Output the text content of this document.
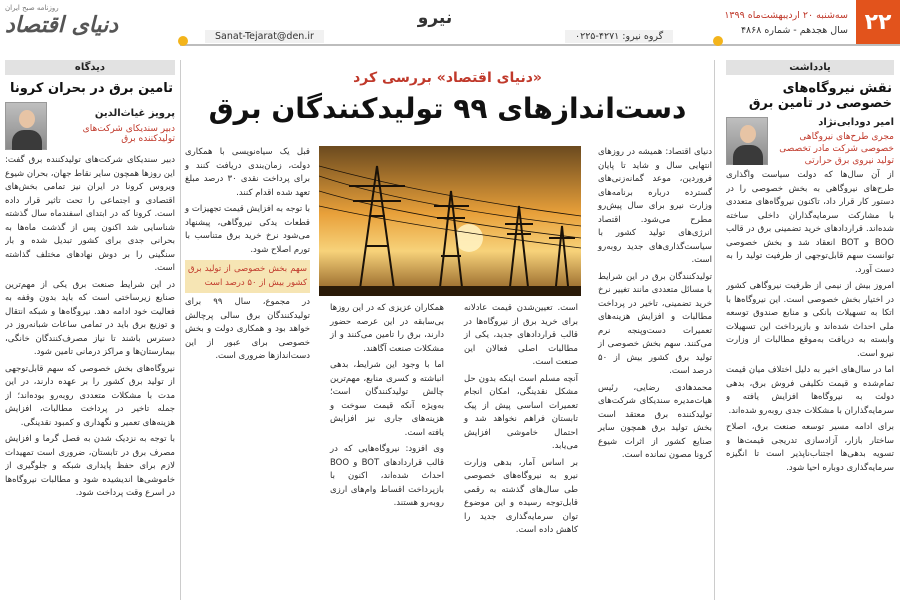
۲۲
سه‌شنبه ۲۰ اردیبهشت‌ماه ۱۳۹۹
سال هجدهم - شماره ۴۸۶۸
نیرو
گروه نیرو: ۴۲۷۱-۰۲۲۵
Sanat-Tejarat@den.ir
روزنامه صبح ایران
دنیای اقتصاد
یادداشت
نقش نیروگاه‌های خصوصی در تامین برق
امیر دودابی‌نژاد
مجری طرح‌های نیروگاهی خصوصی شرکت مادر تخصصی تولید نیروی برق حرارتی

از آن سال‌ها که دولت سیاست واگذاری طرح‌های نیروگاهی به بخش خصوصی را در دستور کار قرار داد، تاکنون نیروگاه‌های متعددی با مشارکت سرمایه‌گذاران داخلی ساخته شده‌اند. قراردادهای خرید تضمینی برق در قالب BOO و BOT انعقاد شد و بخش خصوصی توانست سهم قابل‌توجهی از ظرفیت تولید را به دست آورد.

امروز بیش از نیمی از ظرفیت نیروگاهی کشور در اختیار بخش خصوصی است. این نیروگاه‌ها با اتکا به تسهیلات بانکی و منابع صندوق توسعه ملی احداث شده‌اند و بازپرداخت این تسهیلات وابسته به دریافت به‌موقع مطالبات از وزارت نیرو است.

اما در سال‌های اخیر به دلیل اختلاف میان قیمت تمام‌شده و قیمت تکلیفی فروش برق، بدهی دولت به نیروگاه‌ها افزایش یافته و سرمایه‌گذاران با مشکلات جدی روبه‌رو شده‌اند.

برای ادامه مسیر توسعه صنعت برق، اصلاح ساختار بازار، آزادسازی تدریجی قیمت‌ها و تسویه بدهی‌ها اجتناب‌ناپذیر است تا انگیزه سرمایه‌گذاری دوباره احیا شود.

دیدگاه
تامین برق در بحران کرونا
پرویز غیاث‌الدین
دبیر سندیکای شرکت‌های تولیدکننده برق

دبیر سندیکای شرکت‌های تولیدکننده برق گفت: این روزها همچون سایر نقاط جهان، بحران شیوع ویروس کرونا در ایران نیز تمامی بخش‌های اقتصادی و اجتماعی را تحت تاثیر قرار داده است. کرونا که در ابتدای اسفندماه سال گذشته شناسایی شد اکنون پس از گذشت ماه‌ها به بحرانی جدی برای کشور تبدیل شده و بار سنگینی را بر دوش نهادهای مختلف گذاشته است.

در این شرایط صنعت برق یکی از مهم‌ترین صنایع زیرساختی است که باید بدون وقفه به فعالیت خود ادامه دهد. نیروگاه‌ها و شبکه انتقال و توزیع برق باید در تمامی ساعات شبانه‌روز در دسترس باشند تا نیاز مصرف‌کنندگان خانگی، بیمارستان‌ها و مراکز درمانی تامین شود.

نیروگاه‌های بخش خصوصی که سهم قابل‌توجهی از تولید برق کشور را بر عهده دارند، در این مدت با مشکلات متعددی روبه‌رو بوده‌اند؛ از جمله تاخیر در پرداخت مطالبات، افزایش هزینه‌های تعمیر و نگهداری و کمبود نقدینگی.

با توجه به نزدیک شدن به فصل گرما و افزایش مصرف برق در تابستان، ضروری است تمهیدات لازم برای حفظ پایداری شبکه و جلوگیری از خاموشی‌ها اندیشیده شود و مطالبات نیروگاه‌ها در اسرع وقت پرداخت شود.

«دنیای اقتصاد» بررسی کرد
دست‌اندازهای ۹۹ تولیدکنندگان برق

دنیای اقتصاد: همیشه در روزهای انتهایی سال و شاید تا پایان فروردین، موعد گمانه‌زنی‌های گسترده درباره برنامه‌های وزارت نیرو برای سال پیش‌رو مطرح می‌شود. اقتصاد انرژی‌های تولید کشور با سیاست‌گذاری‌های جدید روبه‌رو است.

تولیدکنندگان برق در این شرایط با مسائل متعددی مانند تغییر نرخ خرید تضمینی، تاخیر در پرداخت مطالبات و افزایش هزینه‌های تعمیرات دست‌وپنجه نرم می‌کنند. سهم بخش خصوصی از تولید برق کشور بیش از ۵۰ درصد است.

محمدهادی رضایی، رئیس هیات‌مدیره سندیکای شرکت‌های تولیدکننده برق معتقد است بخش تولید برق همچون سایر صنایع کشور از اثرات شیوع کرونا مصون نمانده است.

است. تعیین‌شدن قیمت عادلانه برای خرید برق از نیروگاه‌ها در قالب قراردادهای جدید، یکی از مطالبات اصلی فعالان این صنعت است.

آنچه مسلم است اینکه بدون حل مشکل نقدینگی، امکان انجام تعمیرات اساسی پیش از پیک تابستان فراهم نخواهد شد و احتمال خاموشی افزایش می‌یابد.

بر اساس آمار، بدهی وزارت نیرو به نیروگاه‌های خصوصی طی سال‌های گذشته به رقمی قابل‌توجه رسیده و این موضوع توان سرمایه‌گذاری جدید را کاهش داده است.

همکاران عزیزی که در این روزها بی‌سابقه در این عرصه حضور دارند، برق را تامین می‌کنند و از مشکلات صنعت آگاهند.

اما با وجود این شرایط، بدهی انباشته و کسری منابع، مهم‌ترین چالش تولیدکنندگان است؛ به‌ویژه آنکه قیمت سوخت و هزینه‌های جاری نیز افزایش یافته است.

وی افزود: نیروگاه‌هایی که در قالب قراردادهای BOT و BOO احداث شده‌اند، اکنون با بازپرداخت اقساط وام‌های ارزی روبه‌رو هستند.

قبل یک سیاه‌نویسی با همکاری دولت، زمان‌بندی دریافت کنند و برای پرداخت نقدی ۳۰ درصد مبلغ تعهد شده اقدام کنند.

با توجه به افزایش قیمت تجهیزات و قطعات یدکی نیروگاهی، پیشنهاد می‌شود نرخ خرید برق متناسب با تورم اصلاح شود.

سهم بخش خصوصی از تولید برق کشور بیش از ۵۰ درصد است

در مجموع، سال ۹۹ برای تولیدکنندگان برق سالی پرچالش خواهد بود و همکاری دولت و بخش خصوصی برای عبور از این دست‌اندازها ضروری است.
